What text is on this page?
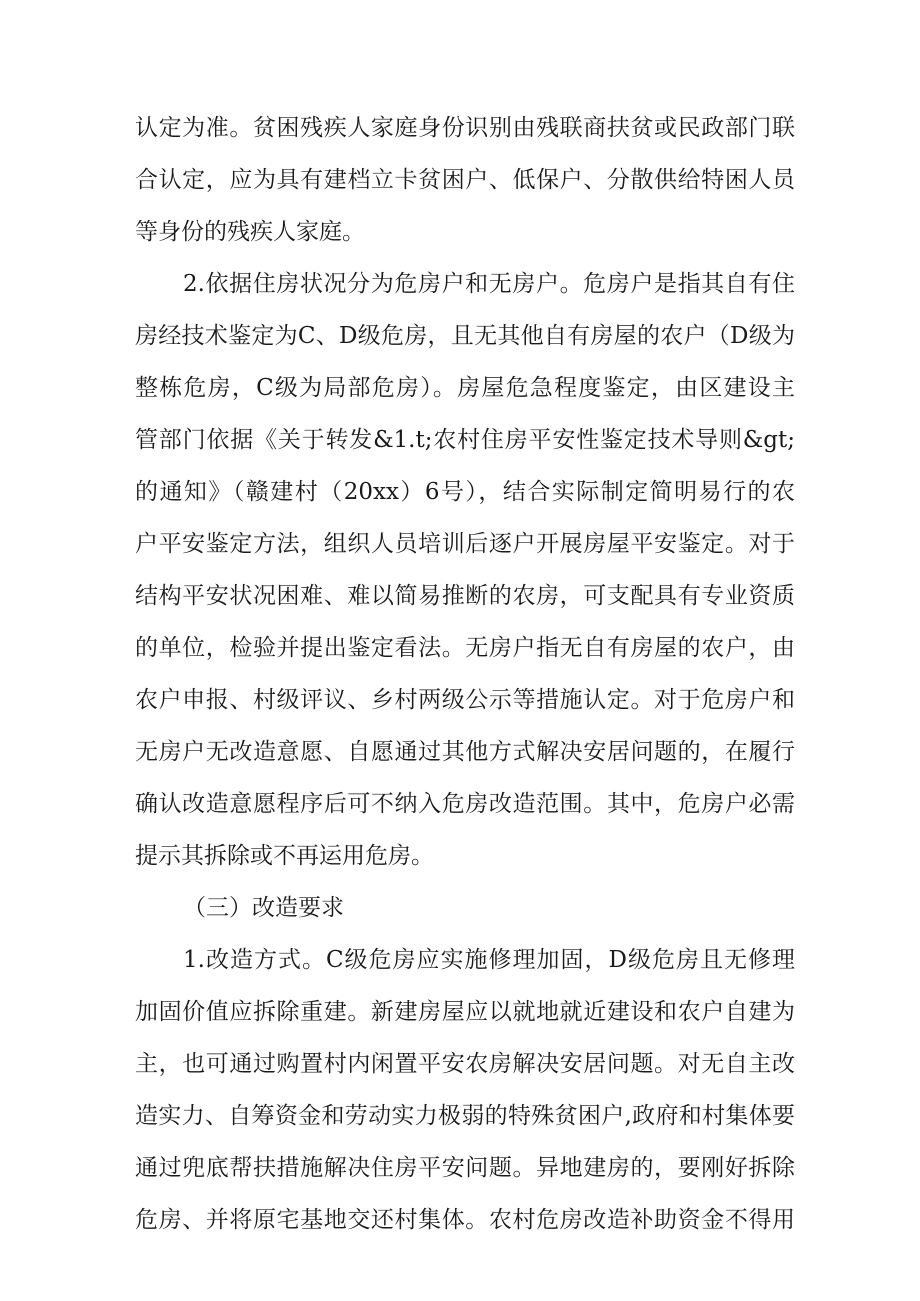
认定为准。贫困残疾人家庭身份识别由残联商扶贫或民政部门联
合认定，应为具有建档立卡贫困户、低保户、分散供给特困人员
等身份的残疾人家庭。
2.依据住房状况分为危房户和无房户。危房户是指其自有住
房经技术鉴定为C、D级危房，且无其他自有房屋的农户（D级为
整栋危房，C级为局部危房）。房屋危急程度鉴定，由区建设主
管部门依据《关于转发&1.t;农村住房平安性鉴定技术导则&gt;
的通知》（赣建村（20xx）6号），结合实际制定简明易行的农
户平安鉴定方法，组织人员培训后逐户开展房屋平安鉴定。对于
结构平安状况困难、难以简易推断的农房，可支配具有专业资质
的单位，检验并提出鉴定看法。无房户指无自有房屋的农户，由
农户申报、村级评议、乡村两级公示等措施认定。对于危房户和
无房户无改造意愿、自愿通过其他方式解决安居问题的，在履行
确认改造意愿程序后可不纳入危房改造范围。其中，危房户必需
提示其拆除或不再运用危房。
（三）改造要求
1.改造方式。C级危房应实施修理加固，D级危房且无修理
加固价值应拆除重建。新建房屋应以就地就近建设和农户自建为
主，也可通过购置村内闲置平安农房解决安居问题。对无自主改
造实力、自筹资金和劳动实力极弱的特殊贫困户,政府和村集体要
通过兜底帮扶措施解决住房平安问题。异地建房的，要刚好拆除
危房、并将原宅基地交还村集体。农村危房改造补助资金不得用
